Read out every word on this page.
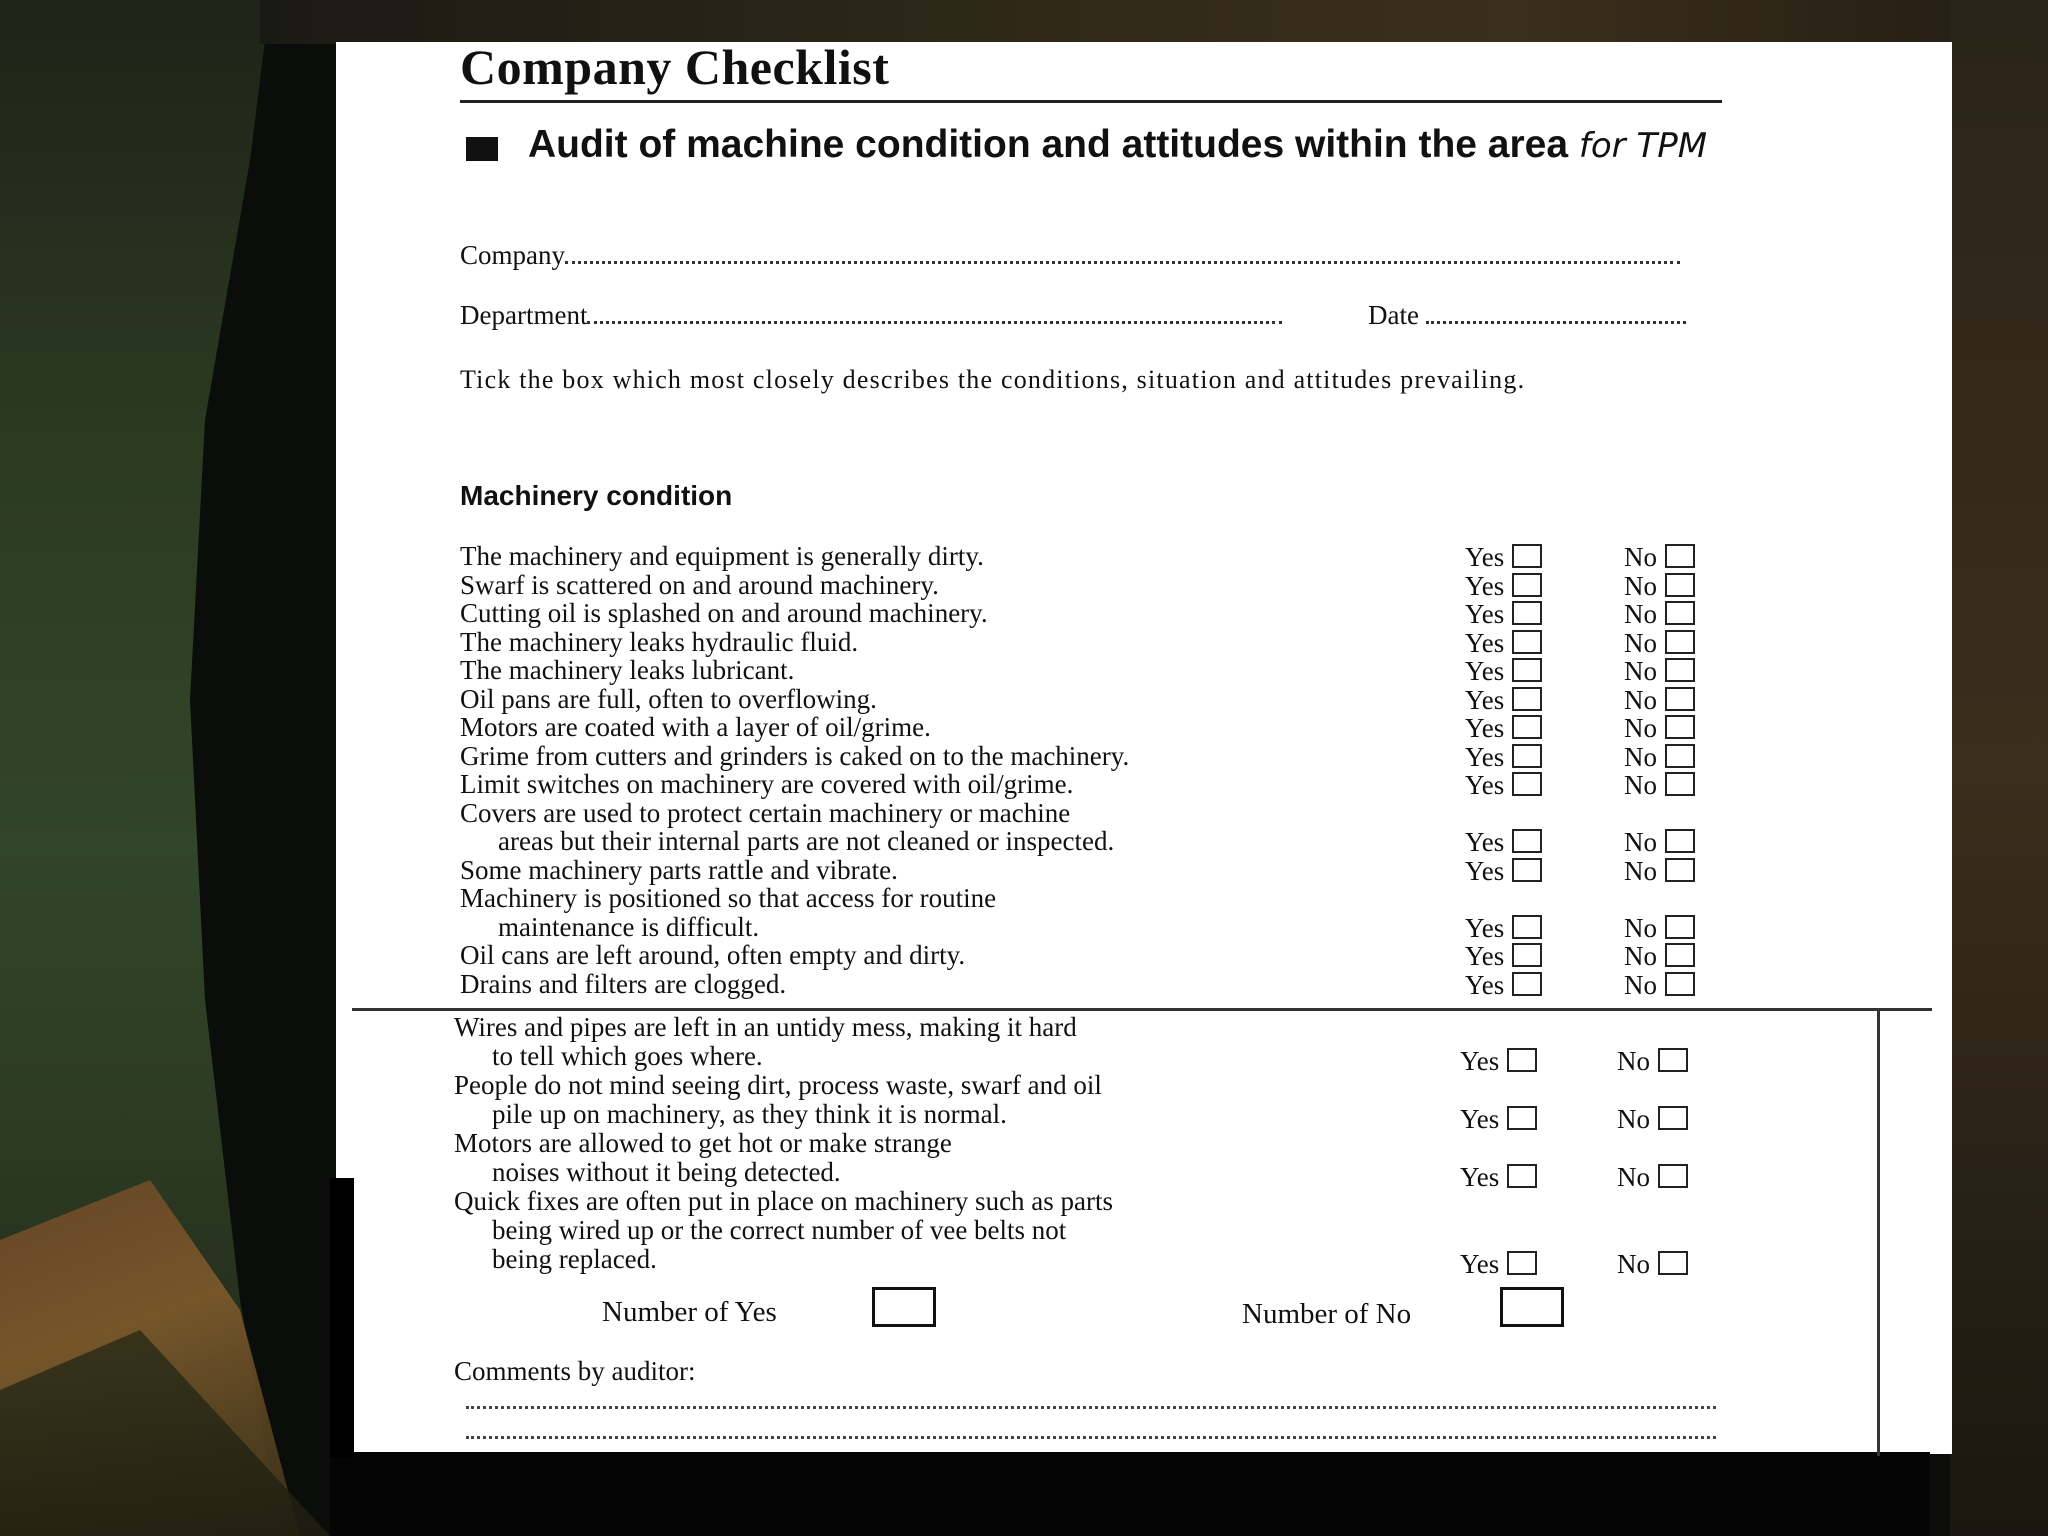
Company Checklist
Audit of machine condition and attitudes within the area for TPM
Company
Department	Date
Tick the box which most closely describes the conditions, situation and attitudes prevailing.
Machinery condition
The machinery and equipment is generally dirty.	Yes	No
Swarf is scattered on and around machinery.	Yes	No
Cutting oil is splashed on and around machinery.	Yes	No
The machinery leaks hydraulic fluid.	Yes	No
The machinery leaks lubricant.	Yes	No
Oil pans are full, often to overflowing.	Yes	No
Motors are coated with a layer of oil/grime.	Yes	No
Grime from cutters and grinders is caked on to the machinery.	Yes	No
Limit switches on machinery are covered with oil/grime.	Yes	No
Covers are used to protect certain machinery or machine
areas but their internal parts are not cleaned or inspected.	Yes	No
Some machinery parts rattle and vibrate.	Yes	No
Machinery is positioned so that access for routine
maintenance is difficult.	Yes	No
Oil cans are left around, often empty and dirty.	Yes	No
Drains and filters are clogged.	Yes	No
Wires and pipes are left in an untidy mess, making it hard
to tell which goes where.	Yes	No
People do not mind seeing dirt, process waste, swarf and oil
pile up on machinery, as they think it is normal.	Yes	No
Motors are allowed to get hot or make strange
noises without it being detected.	Yes	No
Quick fixes are often put in place on machinery such as parts
being wired up or the correct number of vee belts not
being replaced.	Yes	No
Number of Yes	Number of No
Comments by auditor:
